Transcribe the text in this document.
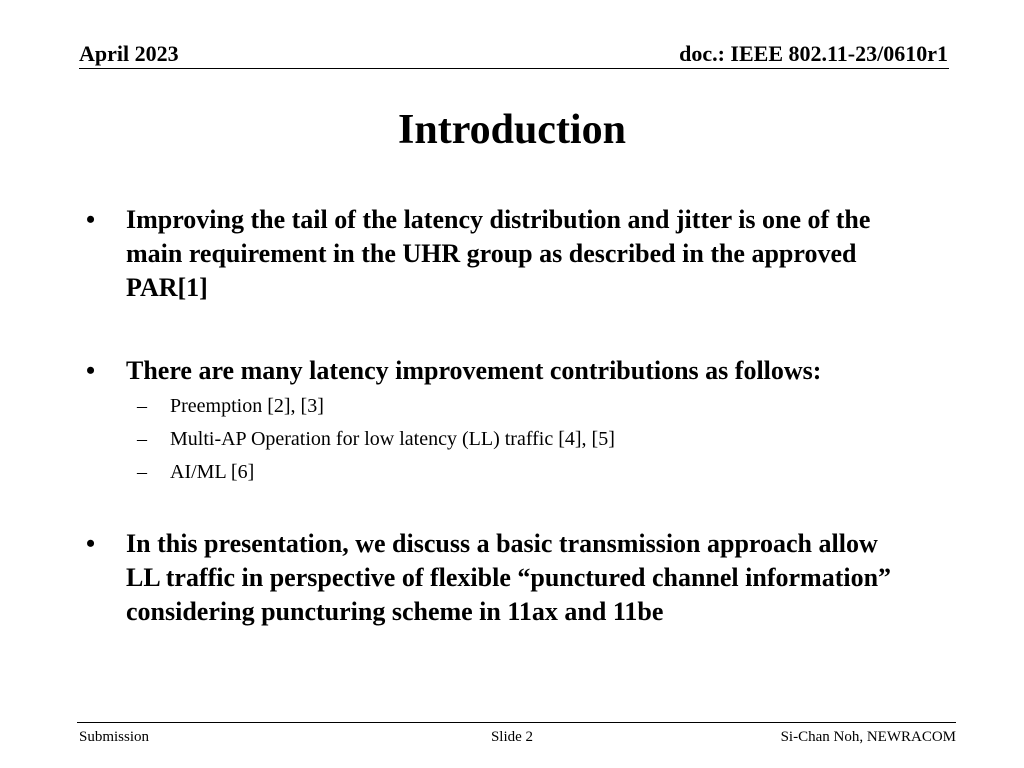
April 2023	doc.: IEEE 802.11-23/0610r1
Introduction
• Improving the tail of the latency distribution and jitter is one of the main requirement in the UHR group as described in the approved PAR[1]
• There are many latency improvement contributions as follows:
– Preemption [2], [3]
– Multi-AP Operation for low latency (LL) traffic [4], [5]
– AI/ML [6]
• In this presentation, we discuss a basic transmission approach allow LL traffic in perspective of flexible “punctured channel information” considering puncturing scheme in 11ax and 11be
Submission	Slide 2	Si-Chan Noh, NEWRACOM
